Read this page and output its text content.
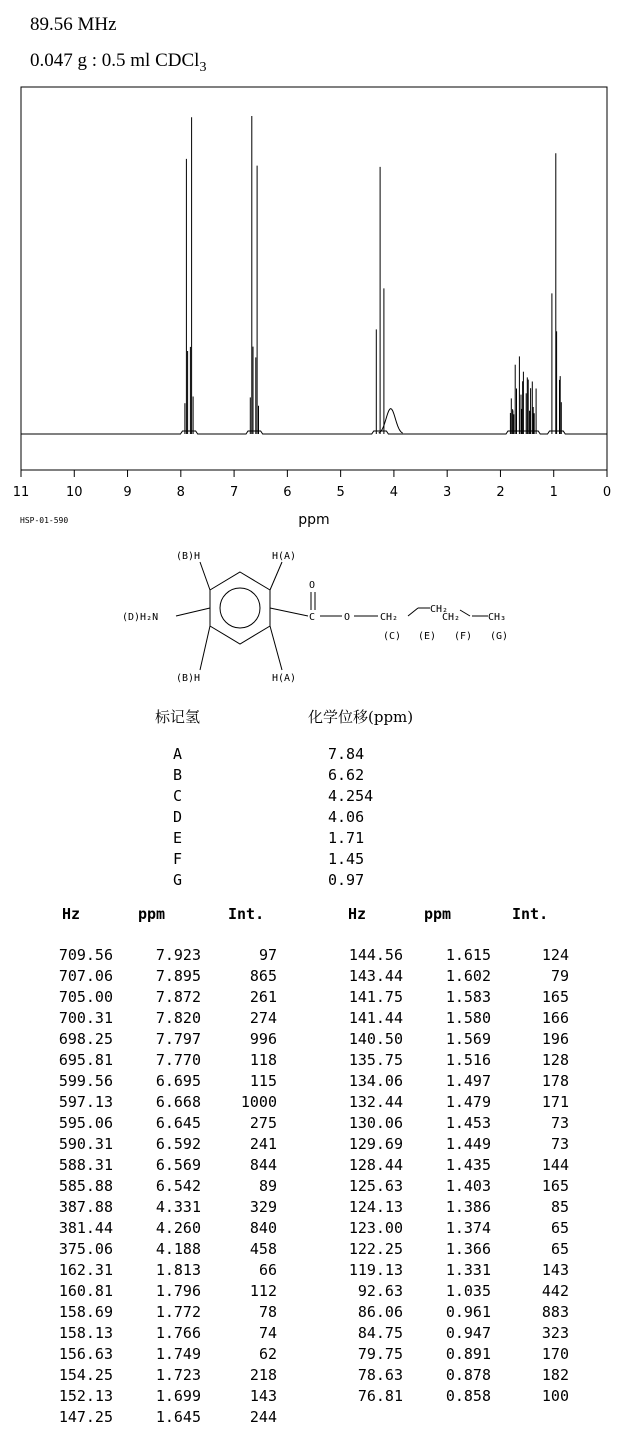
89.56 MHz
0.047 g : 0.5 ml CDCl$_3$
11	10	9	8	7	6	5	4	3	2	1	0
ppm
HSP-01-590
(B)H	H(A)
(B)H	H(A)
(D)H₂N
O
C	O	CH₂
CH₂
CH₂	CH₃
(C) (E) (F) (G)
标记氢	化学位移(ppm)
A	7.84
B	6.62
C	4.254
D	4.06
E	1.71
F	1.45
G	0.97
Hz	ppm	Int.	Hz	ppm	Int.
709.56	7.923	97
707.06	7.895	865
705.00	7.872	261
700.31	7.820	274
698.25	7.797	996
695.81	7.770	118
599.56	6.695	115
597.13	6.668	1000
595.06	6.645	275
590.31	6.592	241
588.31	6.569	844
585.88	6.542	89
387.88	4.331	329
381.44	4.260	840
375.06	4.188	458
162.31	1.813	66
160.81	1.796	112
158.69	1.772	78
158.13	1.766	74
156.63	1.749	62
154.25	1.723	218
152.13	1.699	143
147.25	1.645	244
144.56	1.615	124
143.44	1.602	79
141.75	1.583	165
141.44	1.580	166
140.50	1.569	196
135.75	1.516	128
134.06	1.497	178
132.44	1.479	171
130.06	1.453	73
129.69	1.449	73
128.44	1.435	144
125.63	1.403	165
124.13	1.386	85
123.00	1.374	65
122.25	1.366	65
119.13	1.331	143
92.63	1.035	442
86.06	0.961	883
84.75	0.947	323
79.75	0.891	170
78.63	0.878	182
76.81	0.858	100
